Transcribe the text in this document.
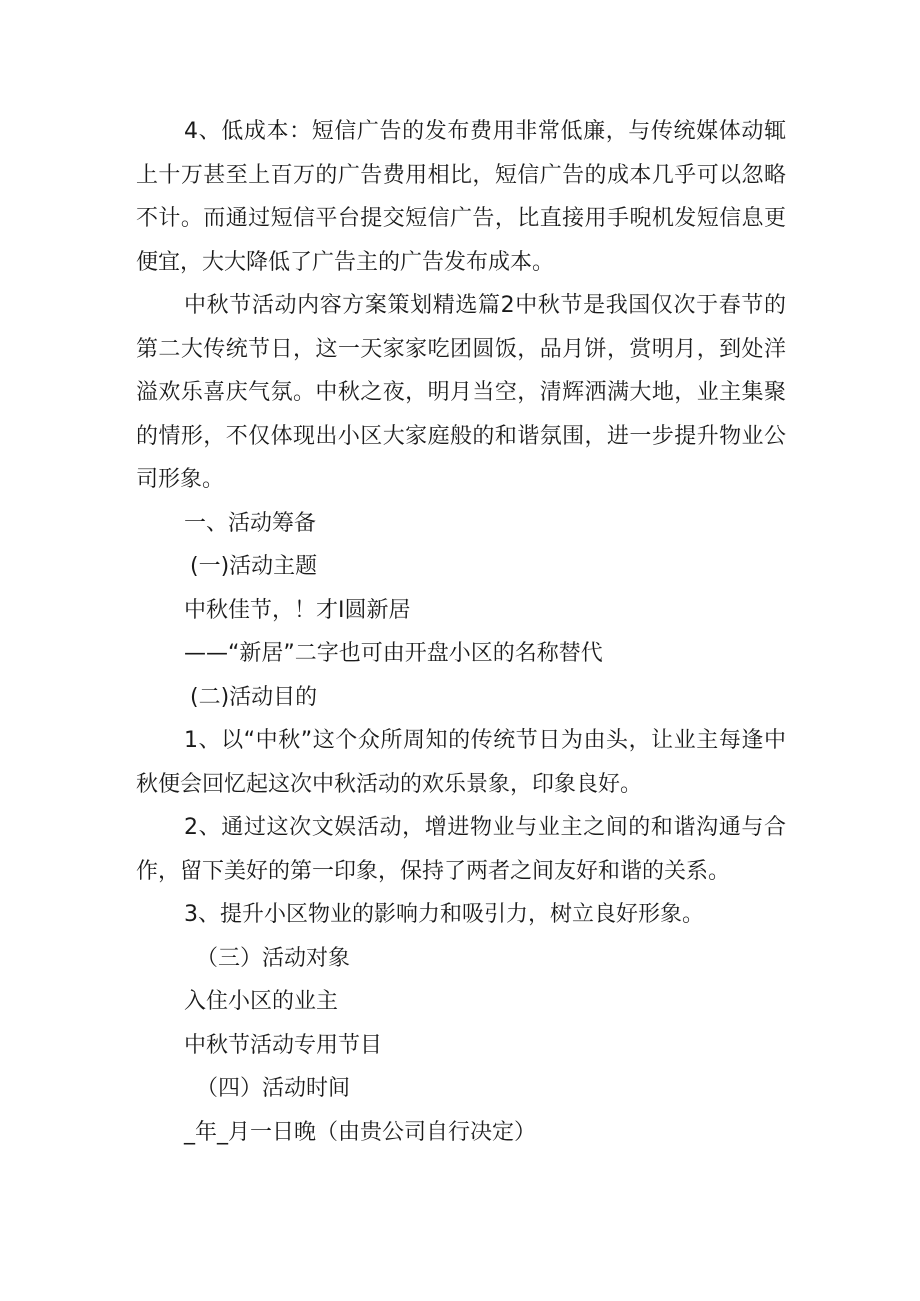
4、低成本：短信广告的发布费用非常低廉，与传统媒体动辄上十万甚至上百万的广告费用相比，短信广告的成本几乎可以忽略不计。而通过短信平台提交短信广告，比直接用手晲机发短信息更便宜，大大降低了广告主的广告发布成本。

中秋节活动内容方案策划精选篇2中秋节是我国仅次于春节的第二大传统节日，这一天家家吃团圆饭，品月饼，赏明月，到处洋溢欢乐喜庆气氛。中秋之夜，明月当空，清辉洒满大地，业主集聚的情形，不仅体现出小区大家庭般的和谐氛围，进一步提升物业公司形象。

一、活动筹备

(一)活动主题

中秋佳节，！才I圆新居

——“新居”二字也可由开盘小区的名称替代

(二)活动目的

1、以“中秋”这个众所周知的传统节日为由头，让业主每逢中秋便会回忆起这次中秋活动的欢乐景象，印象良好。

2、通过这次文娱活动，增进物业与业主之间的和谐沟通与合作，留下美好的第一印象，保持了两者之间友好和谐的关系。

3、提升小区物业的影响力和吸引力，树立良好形象。

（三）活动对象

入住小区的业主

中秋节活动专用节目

（四）活动时间

_年_月一日晚（由贵公司自行决定）
